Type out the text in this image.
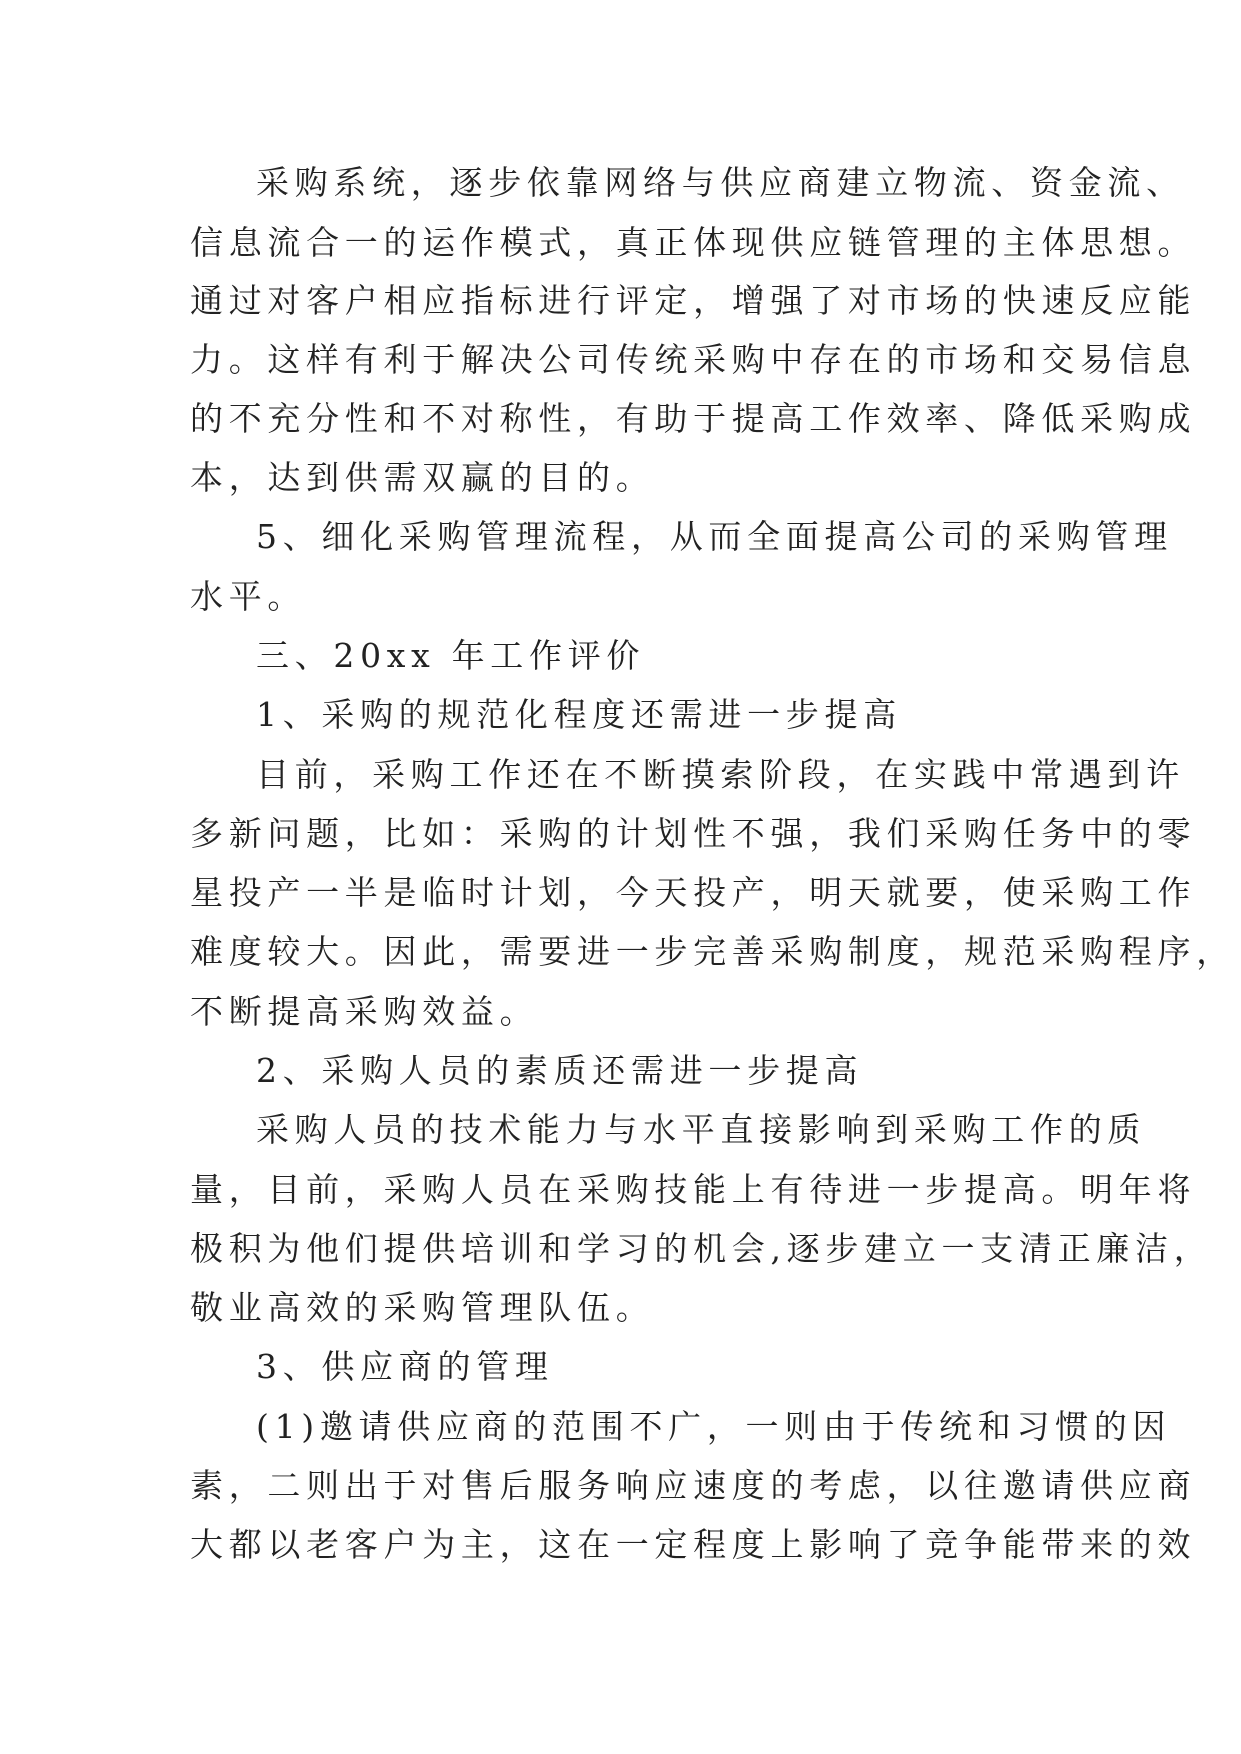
采购系统，逐步依靠网络与供应商建立物流、资金流、

信息流合一的运作模式，真正体现供应链管理的主体思想。

通过对客户相应指标进行评定，增强了对市场的快速反应能

力。这样有利于解决公司传统采购中存在的市场和交易信息

的不充分性和不对称性，有助于提高工作效率、降低采购成

本，达到供需双赢的目的。

5、细化采购管理流程，从而全面提高公司的采购管理

水平。

三、20xx 年工作评价

1、采购的规范化程度还需进一步提高

目前，采购工作还在不断摸索阶段，在实践中常遇到许

多新问题，比如：采购的计划性不强，我们采购任务中的零

星投产一半是临时计划，今天投产，明天就要，使采购工作

难度较大。因此，需要进一步完善采购制度，规范采购程序，

不断提高采购效益。

2、采购人员的素质还需进一步提高

采购人员的技术能力与水平直接影响到采购工作的质

量，目前，采购人员在采购技能上有待进一步提高。明年将

极积为他们提供培训和学习的机会,逐步建立一支清正廉洁，

敬业高效的采购管理队伍。

3、供应商的管理

(1)邀请供应商的范围不广，一则由于传统和习惯的因

素，二则出于对售后服务响应速度的考虑，以往邀请供应商

大都以老客户为主，这在一定程度上影响了竞争能带来的效
